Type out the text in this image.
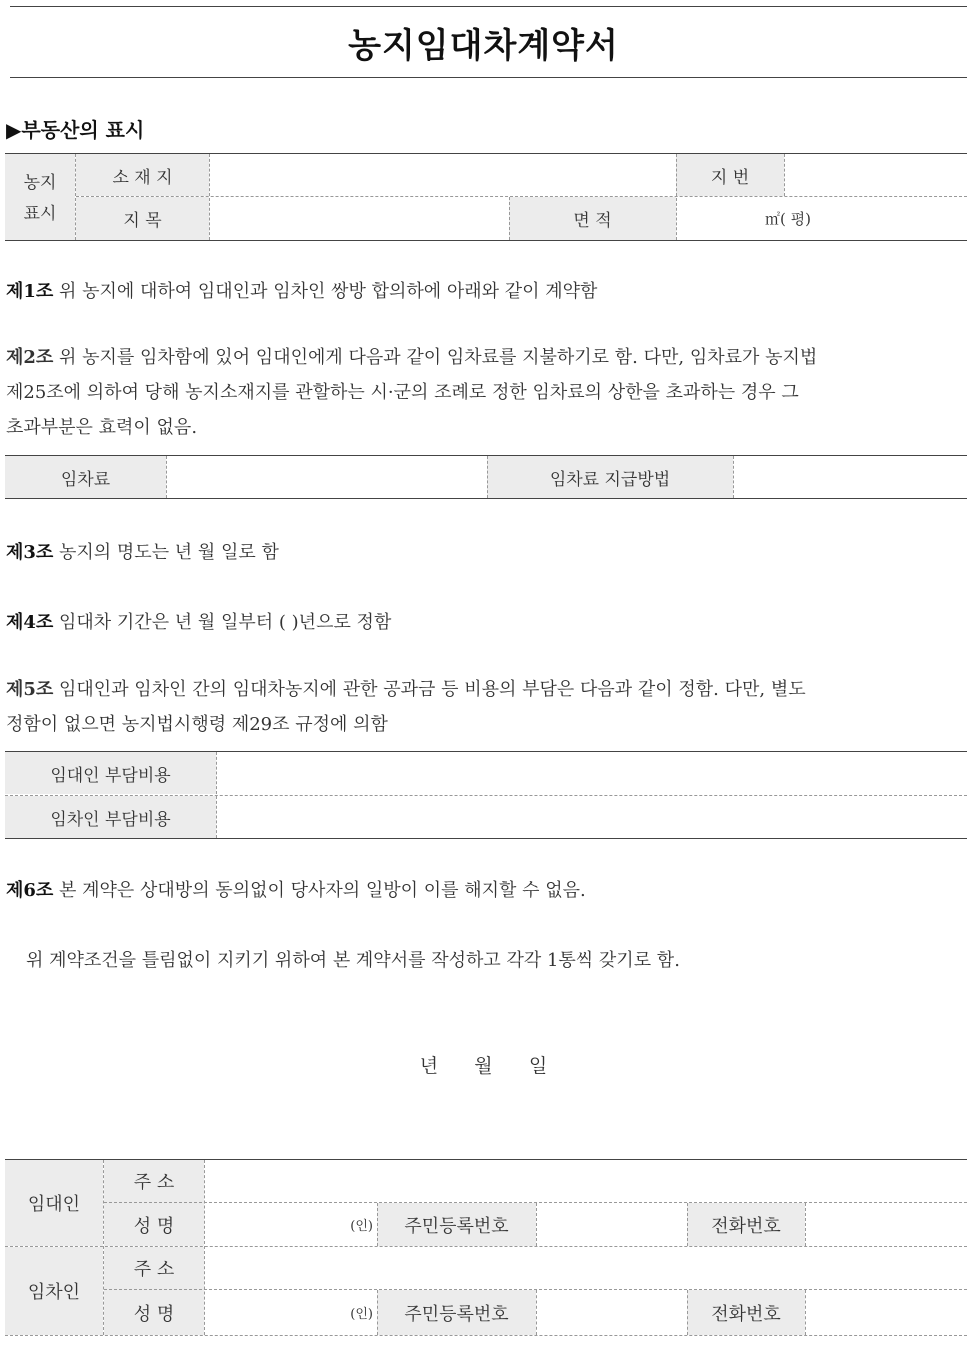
농지임대차계약서
▶부동산의 표시
농지
표시
소 재 지	지 번
지 목	면 적	㎡( 평)
제1조 위 농지에 대하여 임대인과 임차인 쌍방 합의하에 아래와 같이 계약함
제2조 위 농지를 임차함에 있어 임대인에게 다음과 같이 임차료를 지불하기로 함. 다만, 임차료가 농지법
제25조에 의하여 당해 농지소재지를 관할하는 시·군의 조례로 정한 임차료의 상한을 초과하는 경우 그
초과부분은 효력이 없음.
임차료	임차료 지급방법
제3조 농지의 명도는 년 월 일로 함
제4조 임대차 기간은 년 월 일부터 ( )년으로 정함
제5조 임대인과 임차인 간의 임대차농지에 관한 공과금 등 비용의 부담은 다음과 같이 정함. 다만, 별도
정함이 없으면 농지법시행령 제29조 규정에 의함
임대인 부담비용
임차인 부담비용
제6조 본 계약은 상대방의 동의없이 당사자의 일방이 이를 해지할 수 없음.
위 계약조건을 틀림없이 지키기 위하여 본 계약서를 작성하고 각각 1통씩 갖기로 함.
년      월      일
임대인
주 소
성 명	(인)	주민등록번호	전화번호
임차인
주 소
성 명	(인)	주민등록번호	전화번호
